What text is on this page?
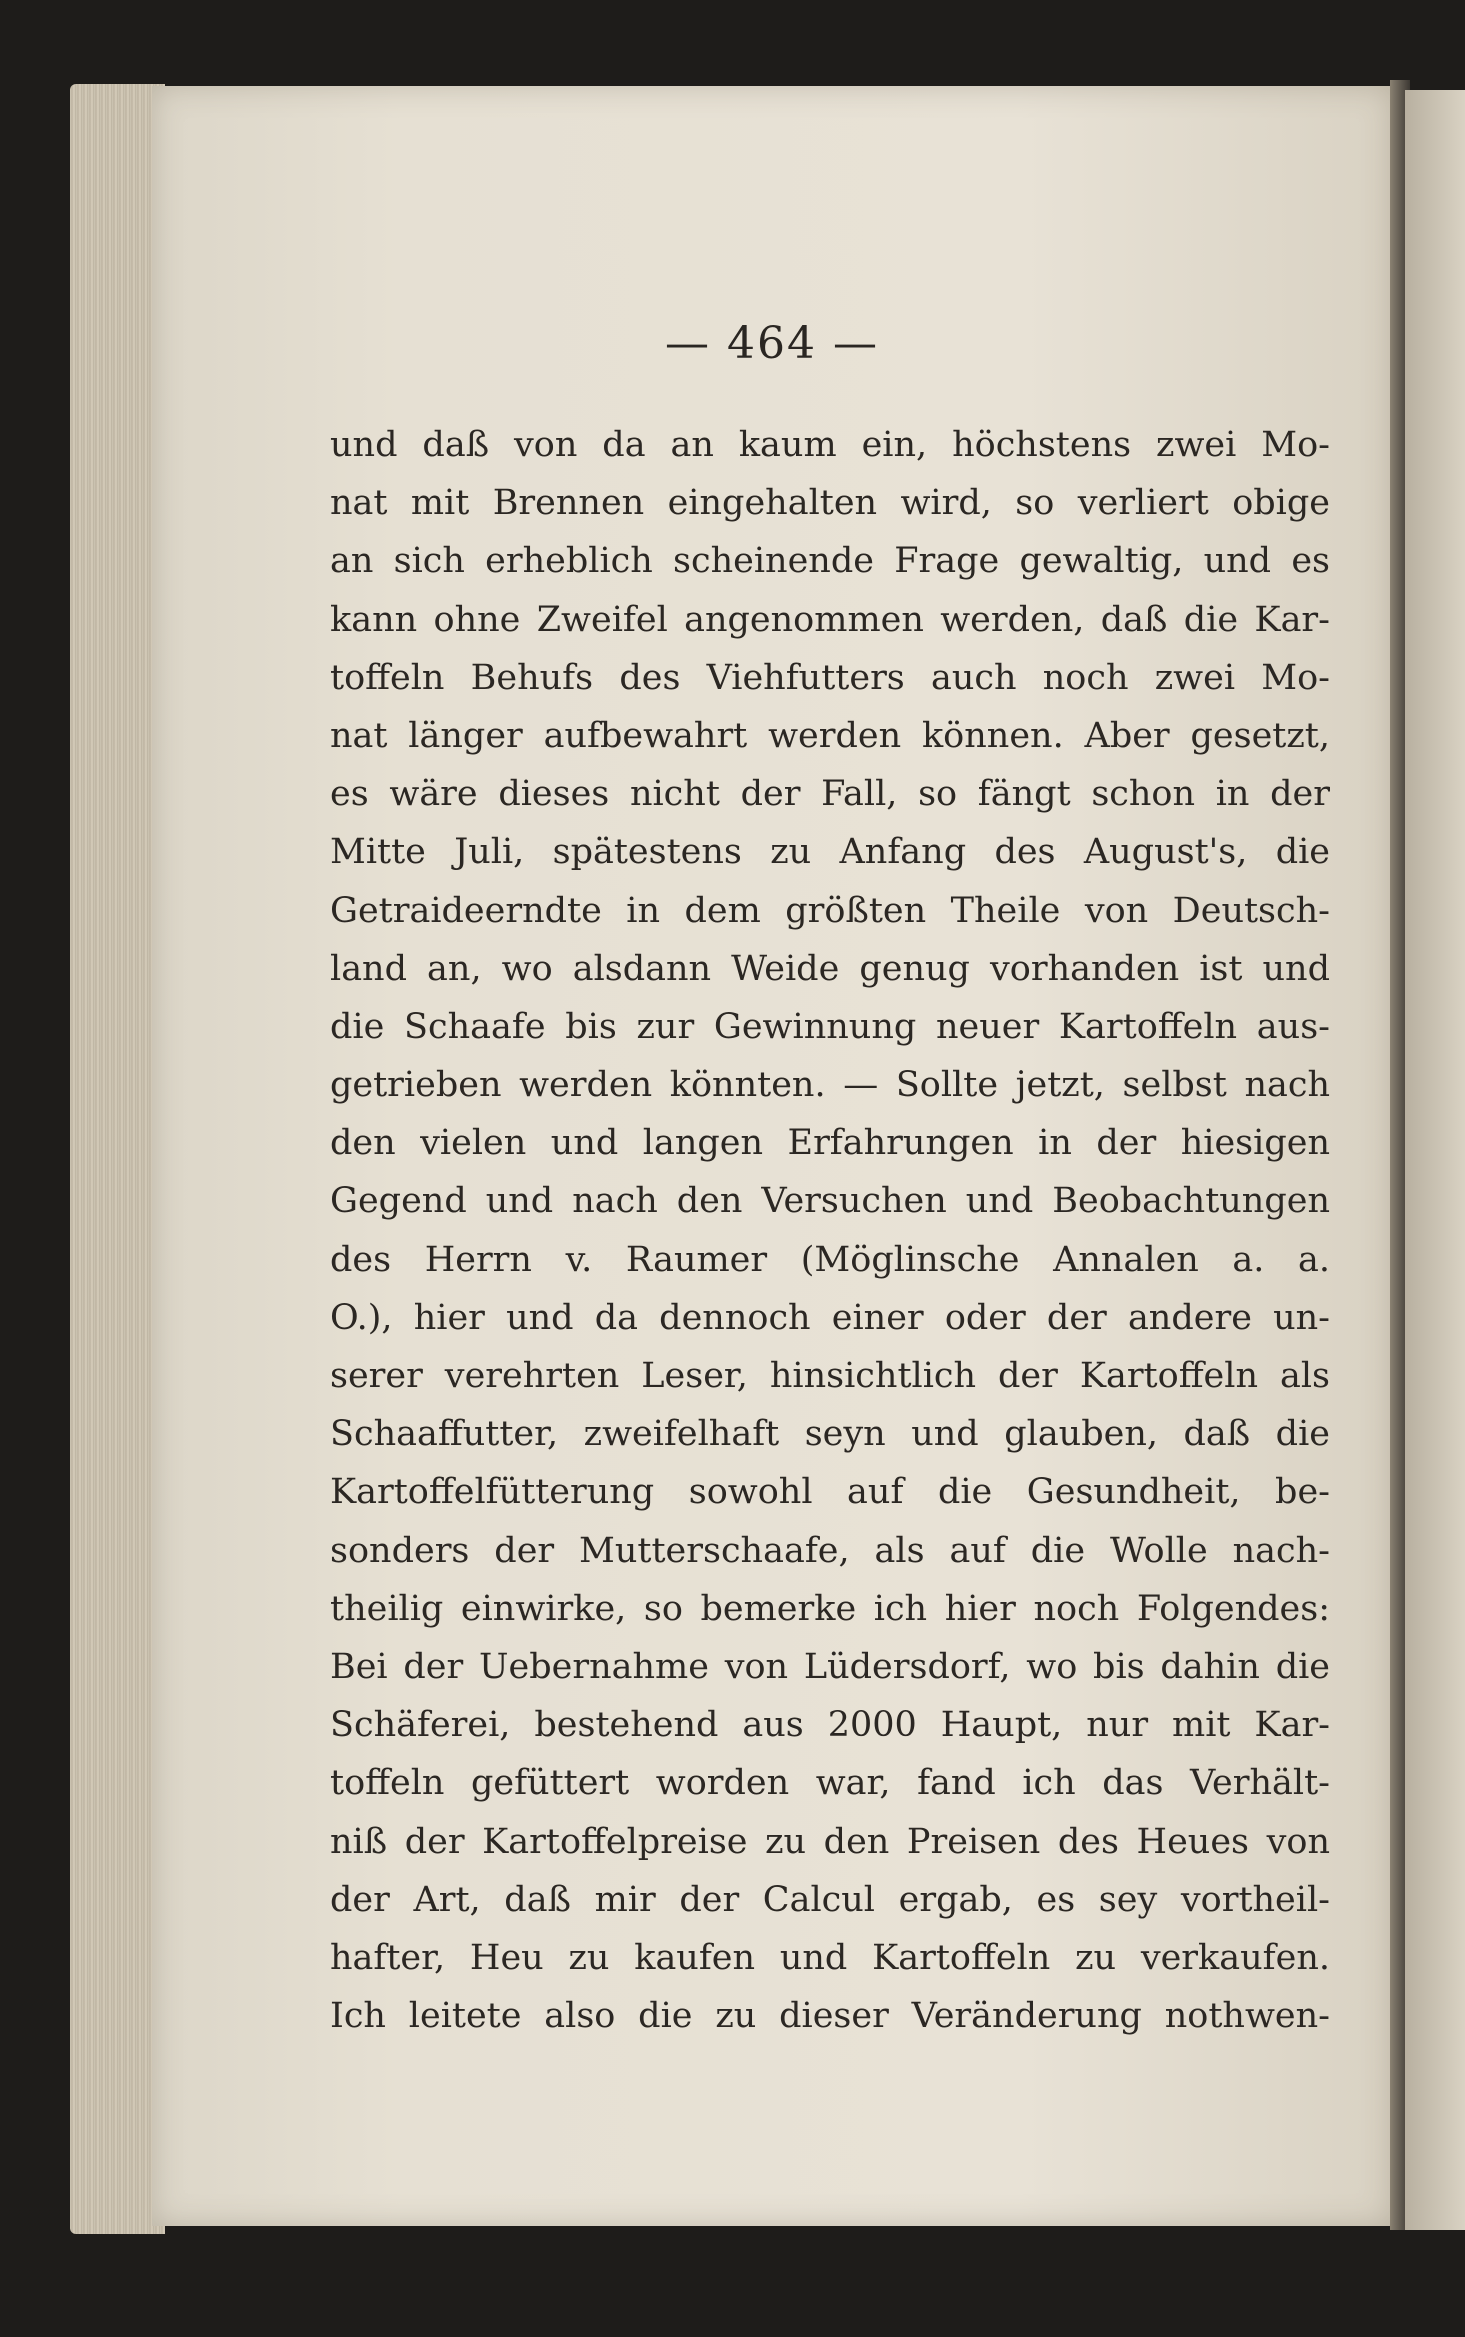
— 464 —
und daß von da an kaum ein, höchstens zwei Mo-
nat mit Brennen eingehalten wird, so verliert obige
an sich erheblich scheinende Frage gewaltig, und es
kann ohne Zweifel angenommen werden, daß die Kar-
toffeln Behufs des Viehfutters auch noch zwei Mo-
nat länger aufbewahrt werden können. Aber gesetzt,
es wäre dieses nicht der Fall, so fängt schon in der
Mitte Juli, spätestens zu Anfang des August's, die
Getraideerndte in dem größten Theile von Deutsch-
land an, wo alsdann Weide genug vorhanden ist und
die Schaafe bis zur Gewinnung neuer Kartoffeln aus-
getrieben werden könnten. — Sollte jetzt, selbst nach
den vielen und langen Erfahrungen in der hiesigen
Gegend und nach den Versuchen und Beobachtungen
des Herrn v. Raumer (Möglinsche Annalen a. a.
O.), hier und da dennoch einer oder der andere un-
serer verehrten Leser, hinsichtlich der Kartoffeln als
Schaaffutter, zweifelhaft seyn und glauben, daß die
Kartoffelfütterung sowohl auf die Gesundheit, be-
sonders der Mutterschaafe, als auf die Wolle nach-
theilig einwirke, so bemerke ich hier noch Folgendes:
Bei der Uebernahme von Lüdersdorf, wo bis dahin die
Schäferei, bestehend aus 2000 Haupt, nur mit Kar-
toffeln gefüttert worden war, fand ich das Verhält-
niß der Kartoffelpreise zu den Preisen des Heues von
der Art, daß mir der Calcul ergab, es sey vortheil-
hafter, Heu zu kaufen und Kartoffeln zu verkaufen.
Ich leitete also die zu dieser Veränderung nothwen-
